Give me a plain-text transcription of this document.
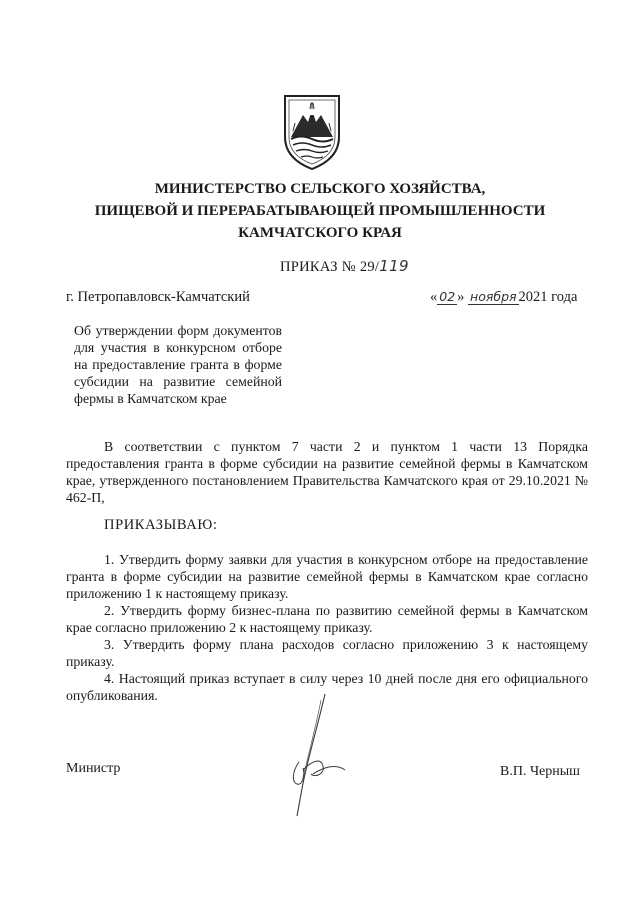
МИНИСТЕРСТВО СЕЛЬСКОГО ХОЗЯЙСТВА,
ПИЩЕВОЙ И ПЕРЕРАБАТЫВАЮЩЕЙ ПРОМЫШЛЕННОСТИ
КАМЧАТСКОГО КРАЯ
ПРИКАЗ № 29/119
г. Петропавловск-Камчатский	« 02 » ноября 2021 года
Об утверждении форм документов для участия в конкурсном отборе на предоставление гранта в форме субсидии на развитие семейной фермы в Камчатском крае
В соответствии с пунктом 7 части 2 и пунктом 1 части 13 Порядка предоставления гранта в форме субсидии на развитие семейной фермы в Камчатском крае, утвержденного постановлением Правительства Камчатского края от 29.10.2021 № 462-П,
ПРИКАЗЫВАЮ:
1. Утвердить форму заявки для участия в конкурсном отборе на предоставление гранта в форме субсидии на развитие семейной фермы в Камчатском крае согласно приложению 1 к настоящему приказу.
2. Утвердить форму бизнес-плана по развитию семейной фермы в Камчатском крае согласно приложению 2 к настоящему приказу.
3. Утвердить форму плана расходов согласно приложению 3 к настоящему приказу.
4. Настоящий приказ вступает в силу через 10 дней после дня его официального опубликования.
Министр	В.П. Черныш
